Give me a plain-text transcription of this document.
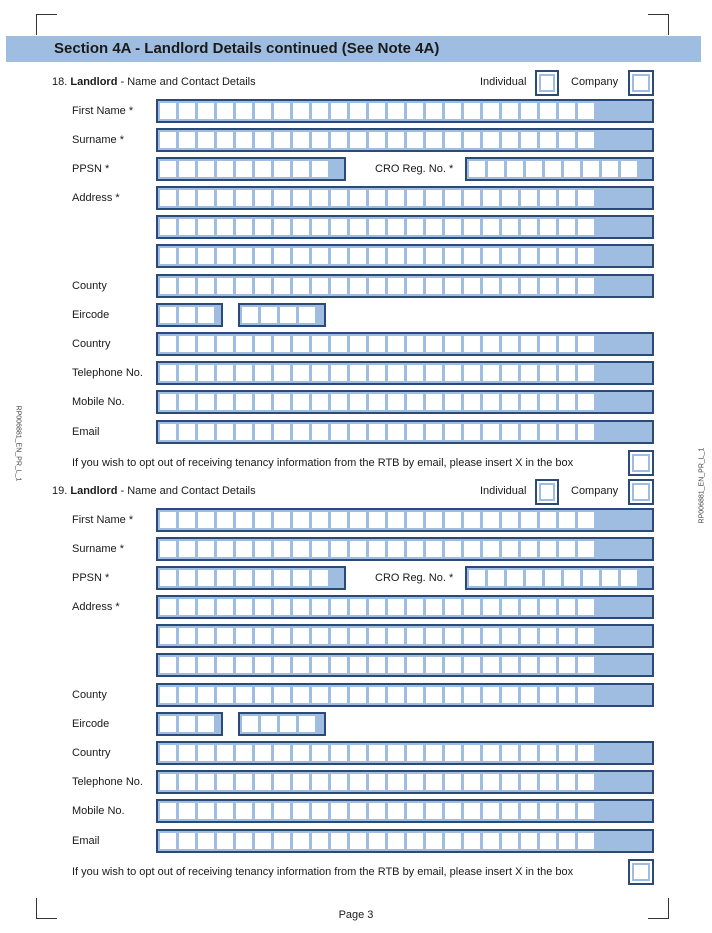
Section 4A - Landlord Details continued (See Note 4A)
RP006881_EN_PR_L_1
RP006881_EN_PR_L_1
18. Landlord - Name and Contact Details	Individual	Company
First Name *
Surname *
PPSN *	CRO Reg. No. *
Address *
County
Eircode
Country
Telephone No.
Mobile No.
Email
If you wish to opt out of receiving tenancy information from the RTB by email, please insert X in the box
19. Landlord - Name and Contact Details	Individual	Company
First Name *
Surname *
PPSN *	CRO Reg. No. *
Address *
County
Eircode
Country
Telephone No.
Mobile No.
Email
If you wish to opt out of receiving tenancy information from the RTB by email, please insert X in the box
Page 3
